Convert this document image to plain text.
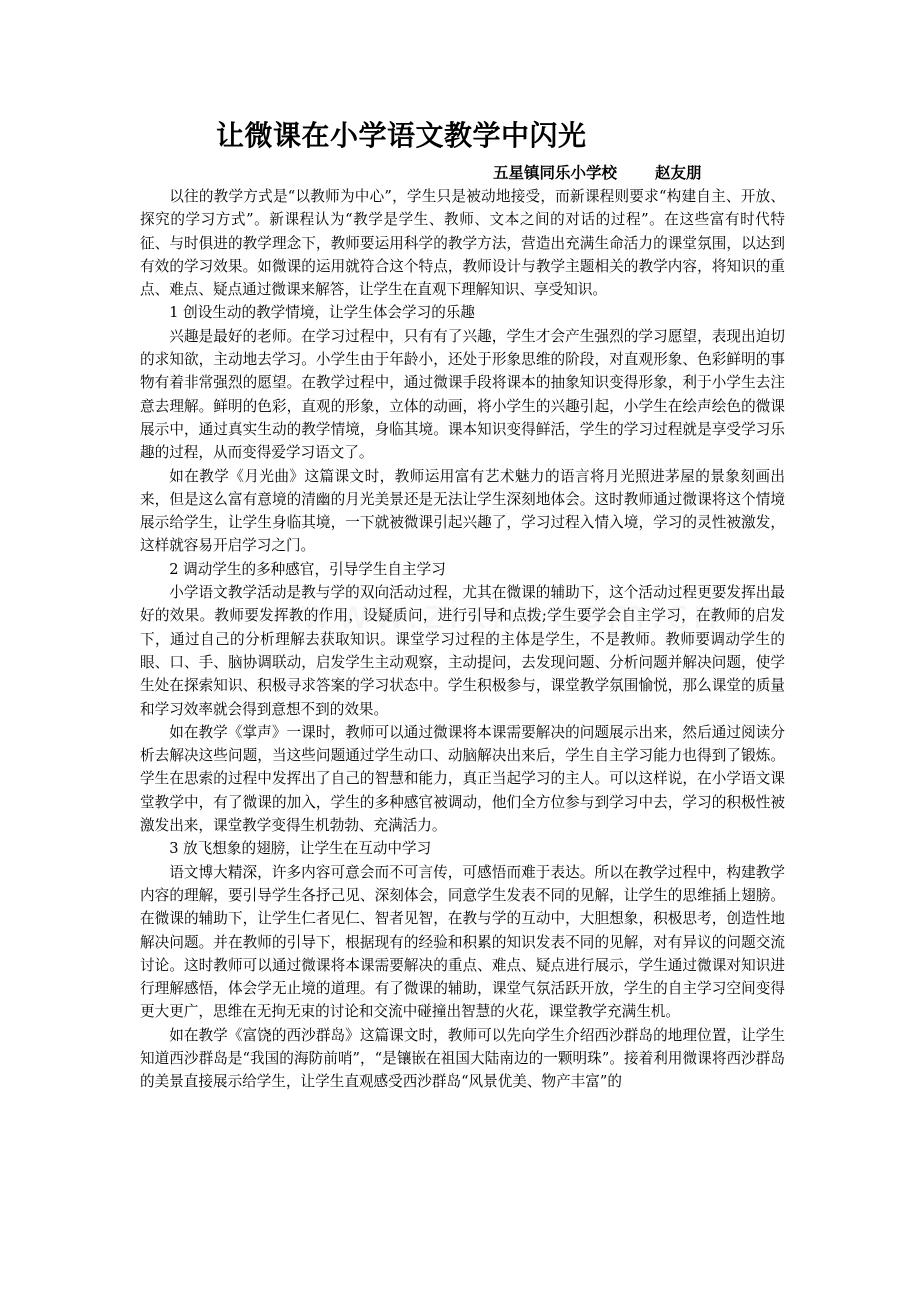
让微课在小学语文教学中闪光
五星镇同乐小学校 赵友朋

以往的教学方式是“以教师为中心”，学生只是被动地接受，而新课程则要求“构建自主、开放、探究的学习方式”。新课程认为“教学是学生、教师、文本之间的对话的过程”。在这些富有时代特征、与时俱进的教学理念下，教师要运用科学的教学方法，营造出充满生命活力的课堂氛围，以达到有效的学习效果。如微课的运用就符合这个特点，教师设计与教学主题相关的教学内容，将知识的重点、难点、疑点通过微课来解答，让学生在直观下理解知识、享受知识。

1 创设生动的教学情境，让学生体会学习的乐趣

兴趣是最好的老师。在学习过程中，只有有了兴趣，学生才会产生强烈的学习愿望，表现出迫切的求知欲，主动地去学习。小学生由于年龄小，还处于形象思维的阶段，对直观形象、色彩鲜明的事物有着非常强烈的愿望。在教学过程中，通过微课手段将课本的抽象知识变得形象，利于小学生去注意去理解。鲜明的色彩，直观的形象，立体的动画，将小学生的兴趣引起，小学生在绘声绘色的微课展示中，通过真实生动的教学情境，身临其境。课本知识变得鲜活，学生的学习过程就是享受学习乐趣的过程，从而变得爱学习语文了。

如在教学《月光曲》这篇课文时，教师运用富有艺术魅力的语言将月光照进茅屋的景象刻画出来，但是这么富有意境的清幽的月光美景还是无法让学生深刻地体会。这时教师通过微课将这个情境展示给学生，让学生身临其境，一下就被微课引起兴趣了，学习过程入情入境，学习的灵性被激发，这样就容易开启学习之门。

2 调动学生的多种感官，引导学生自主学习

小学语文教学活动是教与学的双向活动过程，尤其在微课的辅助下，这个活动过程更要发挥出最好的效果。教师要发挥教的作用，设疑质问，进行引导和点拨;学生要学会自主学习，在教师的启发下，通过自己的分析理解去获取知识。课堂学习过程的主体是学生，不是教师。教师要调动学生的眼、口、手、脑协调联动，启发学生主动观察，主动提问，去发现问题、分析问题并解决问题，使学生处在探索知识、积极寻求答案的学习状态中。学生积极参与，课堂教学氛围愉悦，那么课堂的质量和学习效率就会得到意想不到的效果。

如在教学《掌声》一课时，教师可以通过微课将本课需要解决的问题展示出来，然后通过阅读分析去解决这些问题，当这些问题通过学生动口、动脑解决出来后，学生自主学习能力也得到了锻炼。学生在思索的过程中发挥出了自己的智慧和能力，真正当起学习的主人。可以这样说，在小学语文课堂教学中，有了微课的加入，学生的多种感官被调动，他们全方位参与到学习中去，学习的积极性被激发出来，课堂教学变得生机勃勃、充满活力。

3 放飞想象的翅膀，让学生在互动中学习

语文博大精深，许多内容可意会而不可言传，可感悟而难于表达。所以在教学过程中，构建教学内容的理解，要引导学生各抒己见、深刻体会，同意学生发表不同的见解，让学生的思维插上翅膀。在微课的辅助下，让学生仁者见仁、智者见智，在教与学的互动中，大胆想象，积极思考，创造性地解决问题。并在教师的引导下，根据现有的经验和积累的知识发表不同的见解，对有异议的问题交流讨论。这时教师可以通过微课将本课需要解决的重点、难点、疑点进行展示，学生通过微课对知识进行理解感悟，体会学无止境的道理。有了微课的辅助，课堂气氛活跃开放，学生的自主学习空间变得更大更广，思维在无拘无束的讨论和交流中碰撞出智慧的火花，课堂教学充满生机。

如在教学《富饶的西沙群岛》这篇课文时，教师可以先向学生介绍西沙群岛的地理位置，让学生知道西沙群岛是“我国的海防前哨”，“是镶嵌在祖国大陆南边的一颗明珠”。接着利用微课将西沙群岛的美景直接展示给学生，让学生直观感受西沙群岛“风景优美、物产丰富”的
